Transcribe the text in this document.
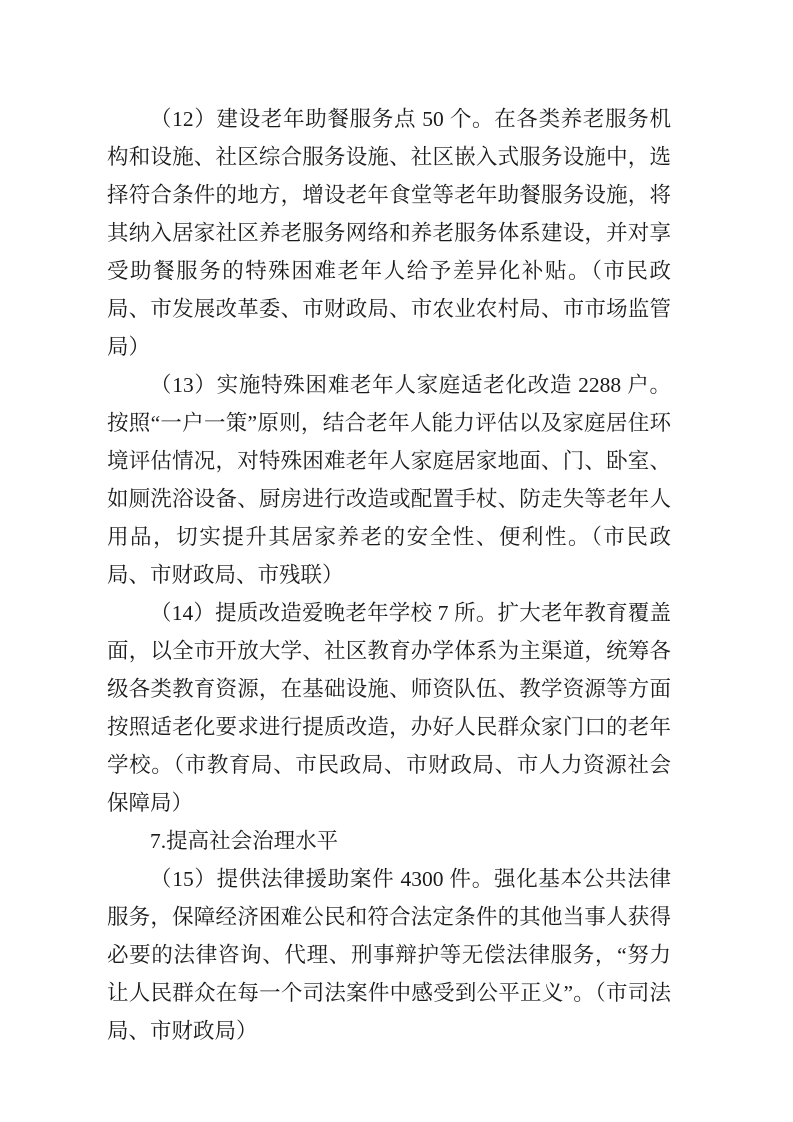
（12）建设老年助餐服务点 50 个。在各类养老服务机构和设施、社区综合服务设施、社区嵌入式服务设施中，选择符合条件的地方，增设老年食堂等老年助餐服务设施，将其纳入居家社区养老服务网络和养老服务体系建设，并对享受助餐服务的特殊困难老年人给予差异化补贴。（市民政局、市发展改革委、市财政局、市农业农村局、市市场监管局）

（13）实施特殊困难老年人家庭适老化改造 2288 户。按照“一户一策”原则，结合老年人能力评估以及家庭居住环境评估情况，对特殊困难老年人家庭居家地面、门、卧室、如厕洗浴设备、厨房进行改造或配置手杖、防走失等老年人用品，切实提升其居家养老的安全性、便利性。（市民政局、市财政局、市残联）

（14）提质改造爱晚老年学校 7 所。扩大老年教育覆盖面，以全市开放大学、社区教育办学体系为主渠道，统筹各级各类教育资源，在基础设施、师资队伍、教学资源等方面按照适老化要求进行提质改造，办好人民群众家门口的老年学校。（市教育局、市民政局、市财政局、市人力资源社会保障局）

7.提高社会治理水平

（15）提供法律援助案件 4300 件。强化基本公共法律服务，保障经济困难公民和符合法定条件的其他当事人获得必要的法律咨询、代理、刑事辩护等无偿法律服务，“努力让人民群众在每一个司法案件中感受到公平正义”。（市司法局、市财政局）
